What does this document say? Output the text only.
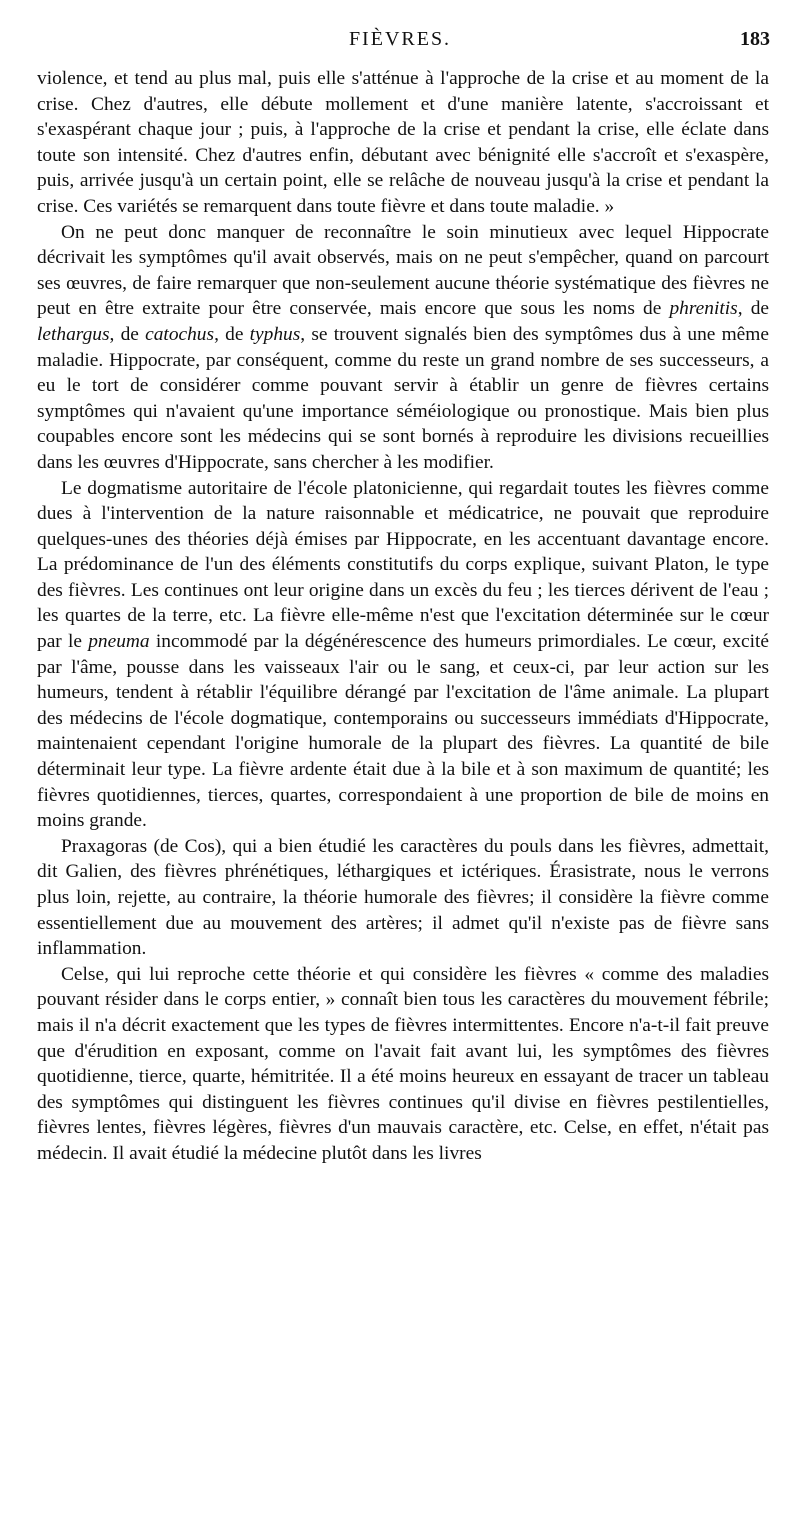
FIÈVRES.	183

violence, et tend au plus mal, puis elle s'atténue à l'approche de la crise et au moment de la crise. Chez d'autres, elle débute mollement et d'une manière latente, s'accroissant et s'exaspérant chaque jour ; puis, à l'approche de la crise et pendant la crise, elle éclate dans toute son intensité. Chez d'autres enfin, débutant avec bénignité elle s'accroît et s'exaspère, puis, arrivée jusqu'à un certain point, elle se relâche de nouveau jusqu'à la crise et pendant la crise. Ces variétés se remarquent dans toute fièvre et dans toute maladie. »

On ne peut donc manquer de reconnaître le soin minutieux avec lequel Hippocrate décrivait les symptômes qu'il avait observés, mais on ne peut s'empêcher, quand on parcourt ses œuvres, de faire remarquer que non-seulement aucune théorie systématique des fièvres ne peut en être extraite pour être conservée, mais encore que sous les noms de phrenitis, de lethargus, de catochus, de typhus, se trouvent signalés bien des symptômes dus à une même maladie. Hippocrate, par conséquent, comme du reste un grand nombre de ses successeurs, a eu le tort de considérer comme pouvant servir à établir un genre de fièvres certains symptômes qui n'avaient qu'une importance séméiologique ou pronostique. Mais bien plus coupables encore sont les médecins qui se sont bornés à reproduire les divisions recueillies dans les œuvres d'Hippocrate, sans chercher à les modifier.

Le dogmatisme autoritaire de l'école platonicienne, qui regardait toutes les fièvres comme dues à l'intervention de la nature raisonnable et médicatrice, ne pouvait que reproduire quelques-unes des théories déjà émises par Hippocrate, en les accentuant davantage encore. La prédominance de l'un des éléments constitutifs du corps explique, suivant Platon, le type des fièvres. Les continues ont leur origine dans un excès du feu ; les tierces dérivent de l'eau ; les quartes de la terre, etc. La fièvre elle-même n'est que l'excitation déterminée sur le cœur par le pneuma incommodé par la dégénérescence des humeurs primordiales. Le cœur, excité par l'âme, pousse dans les vaisseaux l'air ou le sang, et ceux-ci, par leur action sur les humeurs, tendent à rétablir l'équilibre dérangé par l'excitation de l'âme animale. La plupart des médecins de l'école dogmatique, contemporains ou successeurs immédiats d'Hippocrate, maintenaient cependant l'origine humorale de la plupart des fièvres. La quantité de bile déterminait leur type. La fièvre ardente était due à la bile et à son maximum de quantité; les fièvres quotidiennes, tierces, quartes, correspondaient à une proportion de bile de moins en moins grande.

Praxagoras (de Cos), qui a bien étudié les caractères du pouls dans les fièvres, admettait, dit Galien, des fièvres phrénétiques, léthargiques et ictériques. Érasistrate, nous le verrons plus loin, rejette, au contraire, la théorie humorale des fièvres; il considère la fièvre comme essentiellement due au mouvement des artères; il admet qu'il n'existe pas de fièvre sans inflammation.

Celse, qui lui reproche cette théorie et qui considère les fièvres « comme des maladies pouvant résider dans le corps entier, » connaît bien tous les caractères du mouvement fébrile; mais il n'a décrit exactement que les types de fièvres intermittentes. Encore n'a-t-il fait preuve que d'érudition en exposant, comme on l'avait fait avant lui, les symptômes des fièvres quotidienne, tierce, quarte, hémitritée. Il a été moins heureux en essayant de tracer un tableau des symptômes qui distinguent les fièvres continues qu'il divise en fièvres pestilentielles, fièvres lentes, fièvres légères, fièvres d'un mauvais caractère, etc. Celse, en effet, n'était pas médecin. Il avait étudié la médecine plutôt dans les livres
